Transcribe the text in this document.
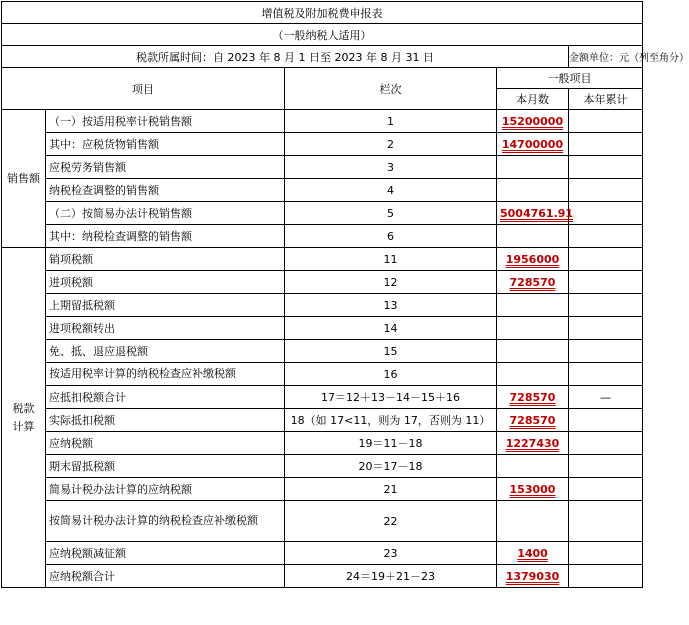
增值税及附加税费申报表				
（一般纳税人适用）				
税款所属时间：自 2023 年 8 月 1 日至 2023 年 8 月 31 日				金额单位：元（列至角分）
项目		栏次	一般项目	
			本月数	本年累计
销售额	（一）按适用税率计税销售额	1	15200000	
	其中：应税货物销售额	2	14700000	
	应税劳务销售额	3		
	纳税检查调整的销售额	4		
	（二）按简易办法计税销售额	5	5004761.91	
	其中：纳税检查调整的销售额	6		
税款计算	销项税额	11	1956000	
	进项税额	12	728570	
	上期留抵税额	13		
	进项税额转出	14		
	免、抵、退应退税额	15		
	按适用税率计算的纳税检查应补缴税额	16		
	应抵扣税额合计	17＝12＋13－14－15＋16	728570	—
	实际抵扣税额	18（如 17<11，则为 17，否则为 11）	728570	
	应纳税额	19＝11－18	1227430	
	期末留抵税额	20＝17－18		
	简易计税办法计算的应纳税额	21	153000	
	按简易计税办法计算的纳税检查应补缴税额	22		
	应纳税额减征额	23	1400	
	应纳税额合计	24＝19＋21－23	1379030	
